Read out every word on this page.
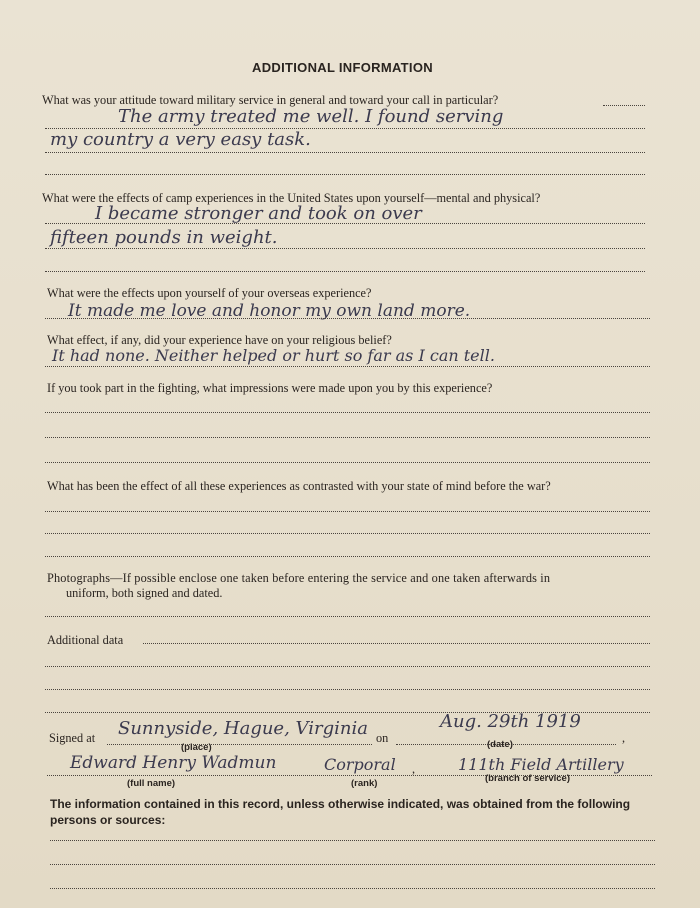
ADDITIONAL INFORMATION
What was your attitude toward military service in general and toward your call in particular?
The army treated me well. I found serving
my country a very easy task.
What were the effects of camp experiences in the United States upon yourself—mental and physical?
I became stronger and took on over
fifteen pounds in weight.
What were the effects upon yourself of your overseas experience?
It made me love and honor my own land more.
What effect, if any, did your experience have on your religious belief?
It had none. Neither helped or hurt so far as I can tell.
If you took part in the fighting, what impressions were made upon you by this experience?
What has been the effect of all these experiences as contrasted with your state of mind before the war?
Photographs—If possible enclose one taken before entering the service and one taken afterwards in
uniform, both signed and dated.
Additional data
Signed at Sunnyside, Hague, Virginia on
Aug. 29th 1919
,
(place)	(date)
Edward Henry Wadmun	Corporal ,	111th Field Artillery
(full name)	(rank)	(branch of service)
The information contained in this record, unless otherwise indicated, was obtained from the following
persons or sources:
